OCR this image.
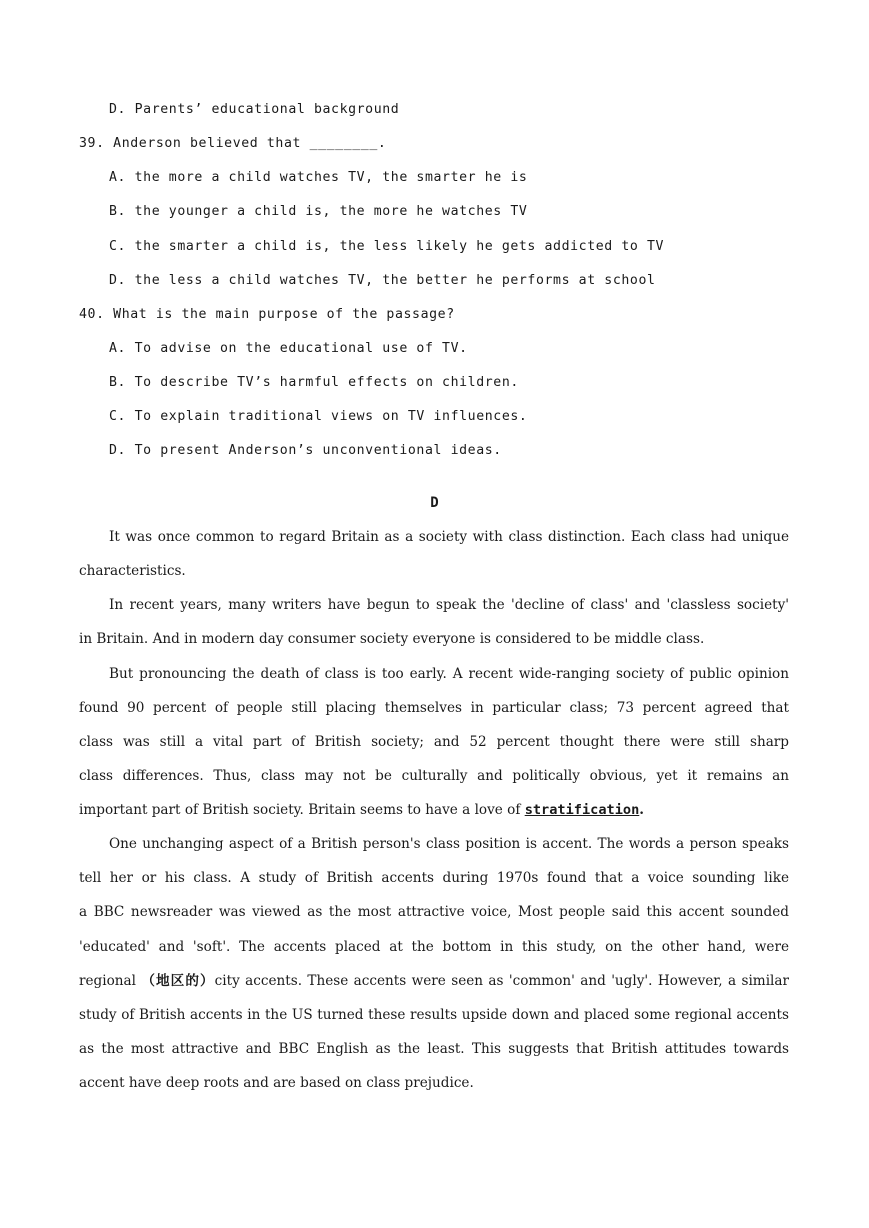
D. Parents’ educational background
39. Anderson believed that ________.
A. the more a child watches TV, the smarter he is
B. the younger a child is, the more he watches TV
C. the smarter a child is, the less likely he gets addicted to TV
D. the less a child watches TV, the better he performs at school
40. What is the main purpose of the passage?
A. To advise on the educational use of TV.
B. To describe TV’s harmful effects on children.
C. To explain traditional views on TV influences.
D. To present Anderson’s unconventional ideas.
D
It was once common to regard Britain as a society with class distinction. Each class had unique
characteristics.
In recent years, many writers have begun to speak the 'decline of class' and 'classless society'
in Britain. And in modern day consumer society everyone is considered to be middle class.
But pronouncing the death of class is too early. A recent wide-ranging society of public opinion
found 90 percent of people still placing themselves in particular class; 73 percent agreed that
class was still a vital part of British society; and 52 percent thought there were still sharp
class differences. Thus, class may not be culturally and politically obvious, yet it remains an
important part of British society. Britain seems to have a love of stratification.
One unchanging aspect of a British person's class position is accent. The words a person speaks
tell her or his class. A study of British accents during 1970s found that a voice sounding like
a BBC newsreader was viewed as the most attractive voice, Most people said this accent sounded
'educated' and 'soft'. The accents placed at the bottom in this study, on the other hand, were
regional （地区的）city accents. These accents were seen as 'common' and 'ugly'. However, a similar
study of British accents in the US turned these results upside down and placed some regional accents
as the most attractive and BBC English as the least. This suggests that British attitudes towards
accent have deep roots and are based on class prejudice.
